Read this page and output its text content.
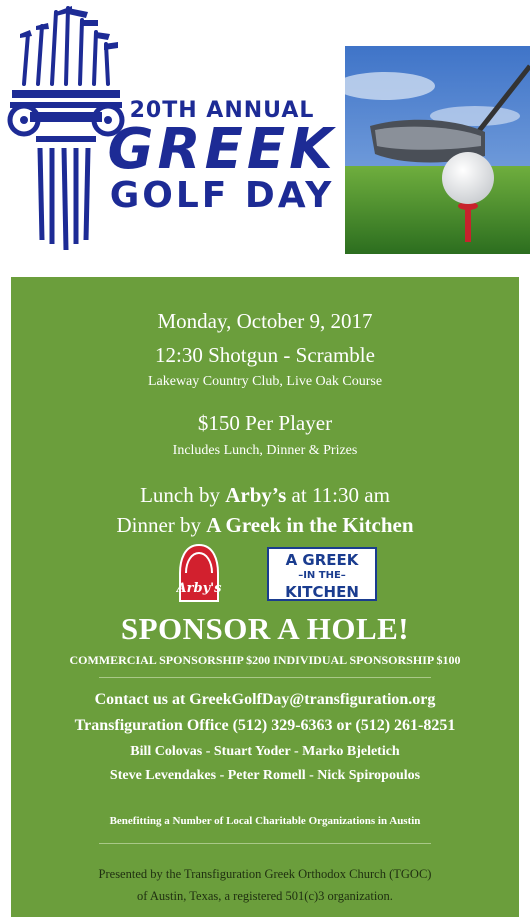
20TH ANNUAL
GREEK
GOLF DAY
Monday, October 9, 2017
12:30 Shotgun - Scramble
Lakeway Country Club, Live Oak Course
$150 Per Player
Includes Lunch, Dinner & Prizes
Lunch by Arby’s at 11:30 am
Dinner by A Greek in the Kitchen
Arby's
A GREEK
–IN THE–
KITCHEN
SPONSOR A HOLE!
COMMERCIAL SPONSORSHIP $200 INDIVIDUAL SPONSORSHIP $100
Contact us at GreekGolfDay@transfiguration.org
Transfiguration Office (512) 329-6363 or (512) 261-8251
Bill Colovas - Stuart Yoder - Marko Bjeletich
Steve Levendakes - Peter Romell - Nick Spiropoulos
Benefitting a Number of Local Charitable Organizations in Austin
Presented by the Transfiguration Greek Orthodox Church (TGOC)
of Austin, Texas, a registered 501(c)3 organization.
